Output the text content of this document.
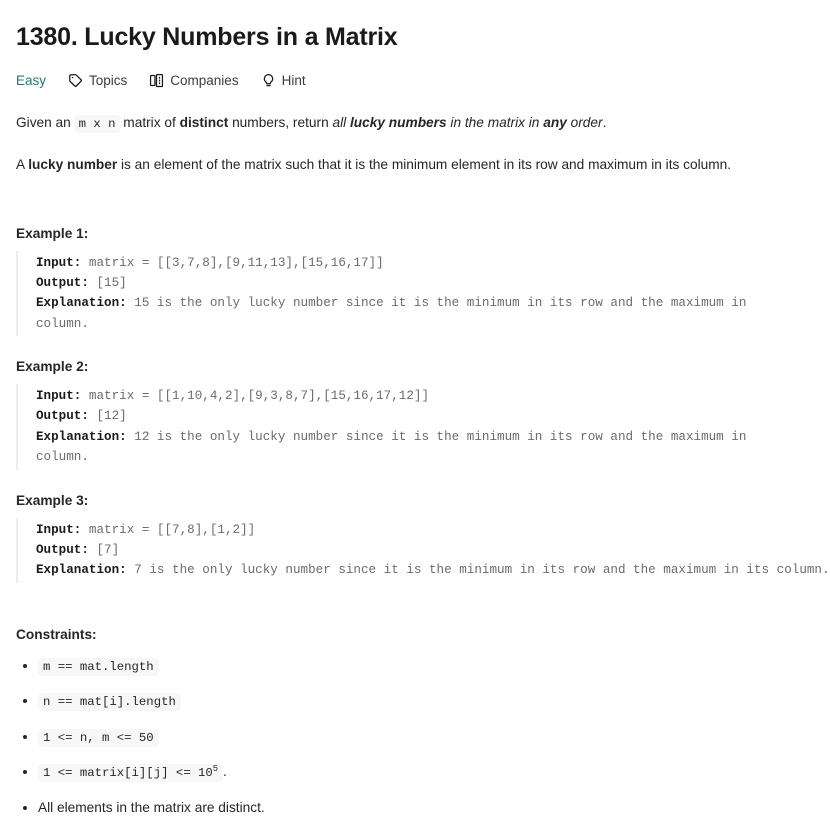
1380. Lucky Numbers in a Matrix
Easy	Topics	Companies	Hint

Given an m x n matrix of distinct numbers, return all lucky numbers in the matrix in any order.

A lucky number is an element of the matrix such that it is the minimum element in its row and maximum in its column.

Example 1:
Input: matrix = [[3,7,8],[9,11,13],[15,16,17]]
Output: [15]
Explanation: 15 is the only lucky number since it is the minimum in its row and the maximum in column.
Example 2:
Input: matrix = [[1,10,4,2],[9,3,8,7],[15,16,17,12]]
Output: [12]
Explanation: 12 is the only lucky number since it is the minimum in its row and the maximum in column.
Example 3:
Input: matrix = [[7,8],[1,2]]
Output: [7]
Explanation: 7 is the only lucky number since it is the minimum in its row and the maximum in its column.
Constraints:
m == mat.length
n == mat[i].length
1 <= n, m <= 50
1 <= matrix[i][j] <= $10^5$ .
All elements in the matrix are distinct.
